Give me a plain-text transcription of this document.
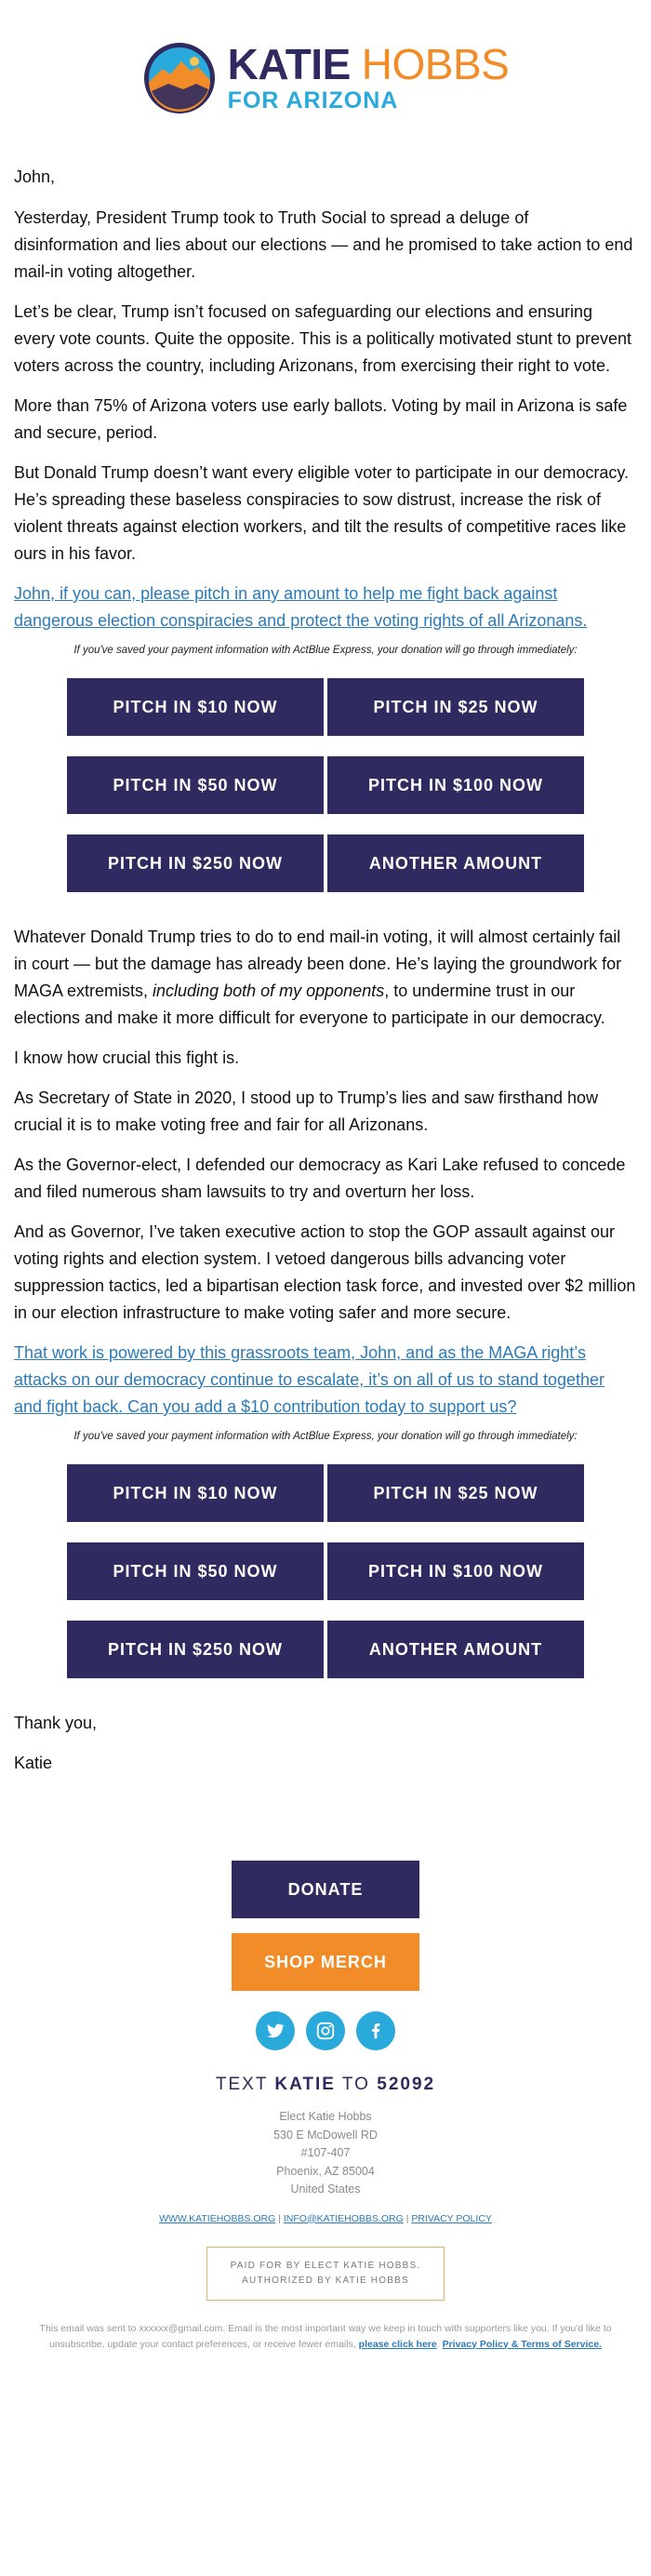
KATIE HOBBS
FOR ARIZONA

John,

Yesterday, President Trump took to Truth Social to spread a deluge of disinformation and lies about our elections — and he promised to take action to end mail-in voting altogether.

Let’s be clear, Trump isn’t focused on safeguarding our elections and ensuring every vote counts. Quite the opposite. This is a politically motivated stunt to prevent voters across the country, including Arizonans, from exercising their right to vote.

More than 75% of Arizona voters use early ballots. Voting by mail in Arizona is safe and secure, period.

But Donald Trump doesn’t want every eligible voter to participate in our democracy. He’s spreading these baseless conspiracies to sow distrust, increase the risk of violent threats against election workers, and tilt the results of competitive races like ours in his favor.

John, if you can, please pitch in any amount to help me fight back against dangerous election conspiracies and protect the voting rights of all Arizonans.

If you've saved your payment information with ActBlue Express, your donation will go through immediately:
PITCH IN $10 NOW	PITCH IN $25 NOW
PITCH IN $50 NOW	PITCH IN $100 NOW
PITCH IN $250 NOW	ANOTHER AMOUNT

Whatever Donald Trump tries to do to end mail-in voting, it will almost certainly fail in court — but the damage has already been done. He’s laying the groundwork for MAGA extremists, including both of my opponents, to undermine trust in our elections and make it more difficult for everyone to participate in our democracy.

I know how crucial this fight is.

As Secretary of State in 2020, I stood up to Trump’s lies and saw firsthand how crucial it is to make voting free and fair for all Arizonans.

As the Governor-elect, I defended our democracy as Kari Lake refused to concede and filed numerous sham lawsuits to try and overturn her loss.

And as Governor, I’ve taken executive action to stop the GOP assault against our voting rights and election system. I vetoed dangerous bills advancing voter suppression tactics, led a bipartisan election task force, and invested over $2 million in our election infrastructure to make voting safer and more secure.

That work is powered by this grassroots team, John, and as the MAGA right’s attacks on our democracy continue to escalate, it’s on all of us to stand together and fight back. Can you add a $10 contribution today to support us?

If you've saved your payment information with ActBlue Express, your donation will go through immediately:
PITCH IN $10 NOW	PITCH IN $25 NOW
PITCH IN $50 NOW	PITCH IN $100 NOW
PITCH IN $250 NOW	ANOTHER AMOUNT

Thank you,

Katie

DONATE
SHOP MERCH
TEXT KATIE TO 52092
Elect Katie Hobbs
530 E McDowell RD
#107-407
Phoenix, AZ 85004
United States
WWW.KATIEHOBBS.ORG | INFO@KATIEHOBBS.ORG | PRIVACY POLICY
PAID FOR BY ELECT KATIE HOBBS.
AUTHORIZED BY KATIE HOBBS
This email was sent to xxxxxx@gmail.com. Email is the most important way we keep in touch with supporters like you. If you'd like to unsubscribe, update your contact preferences, or receive fewer emails, please click here. Privacy Policy & Terms of Service.
